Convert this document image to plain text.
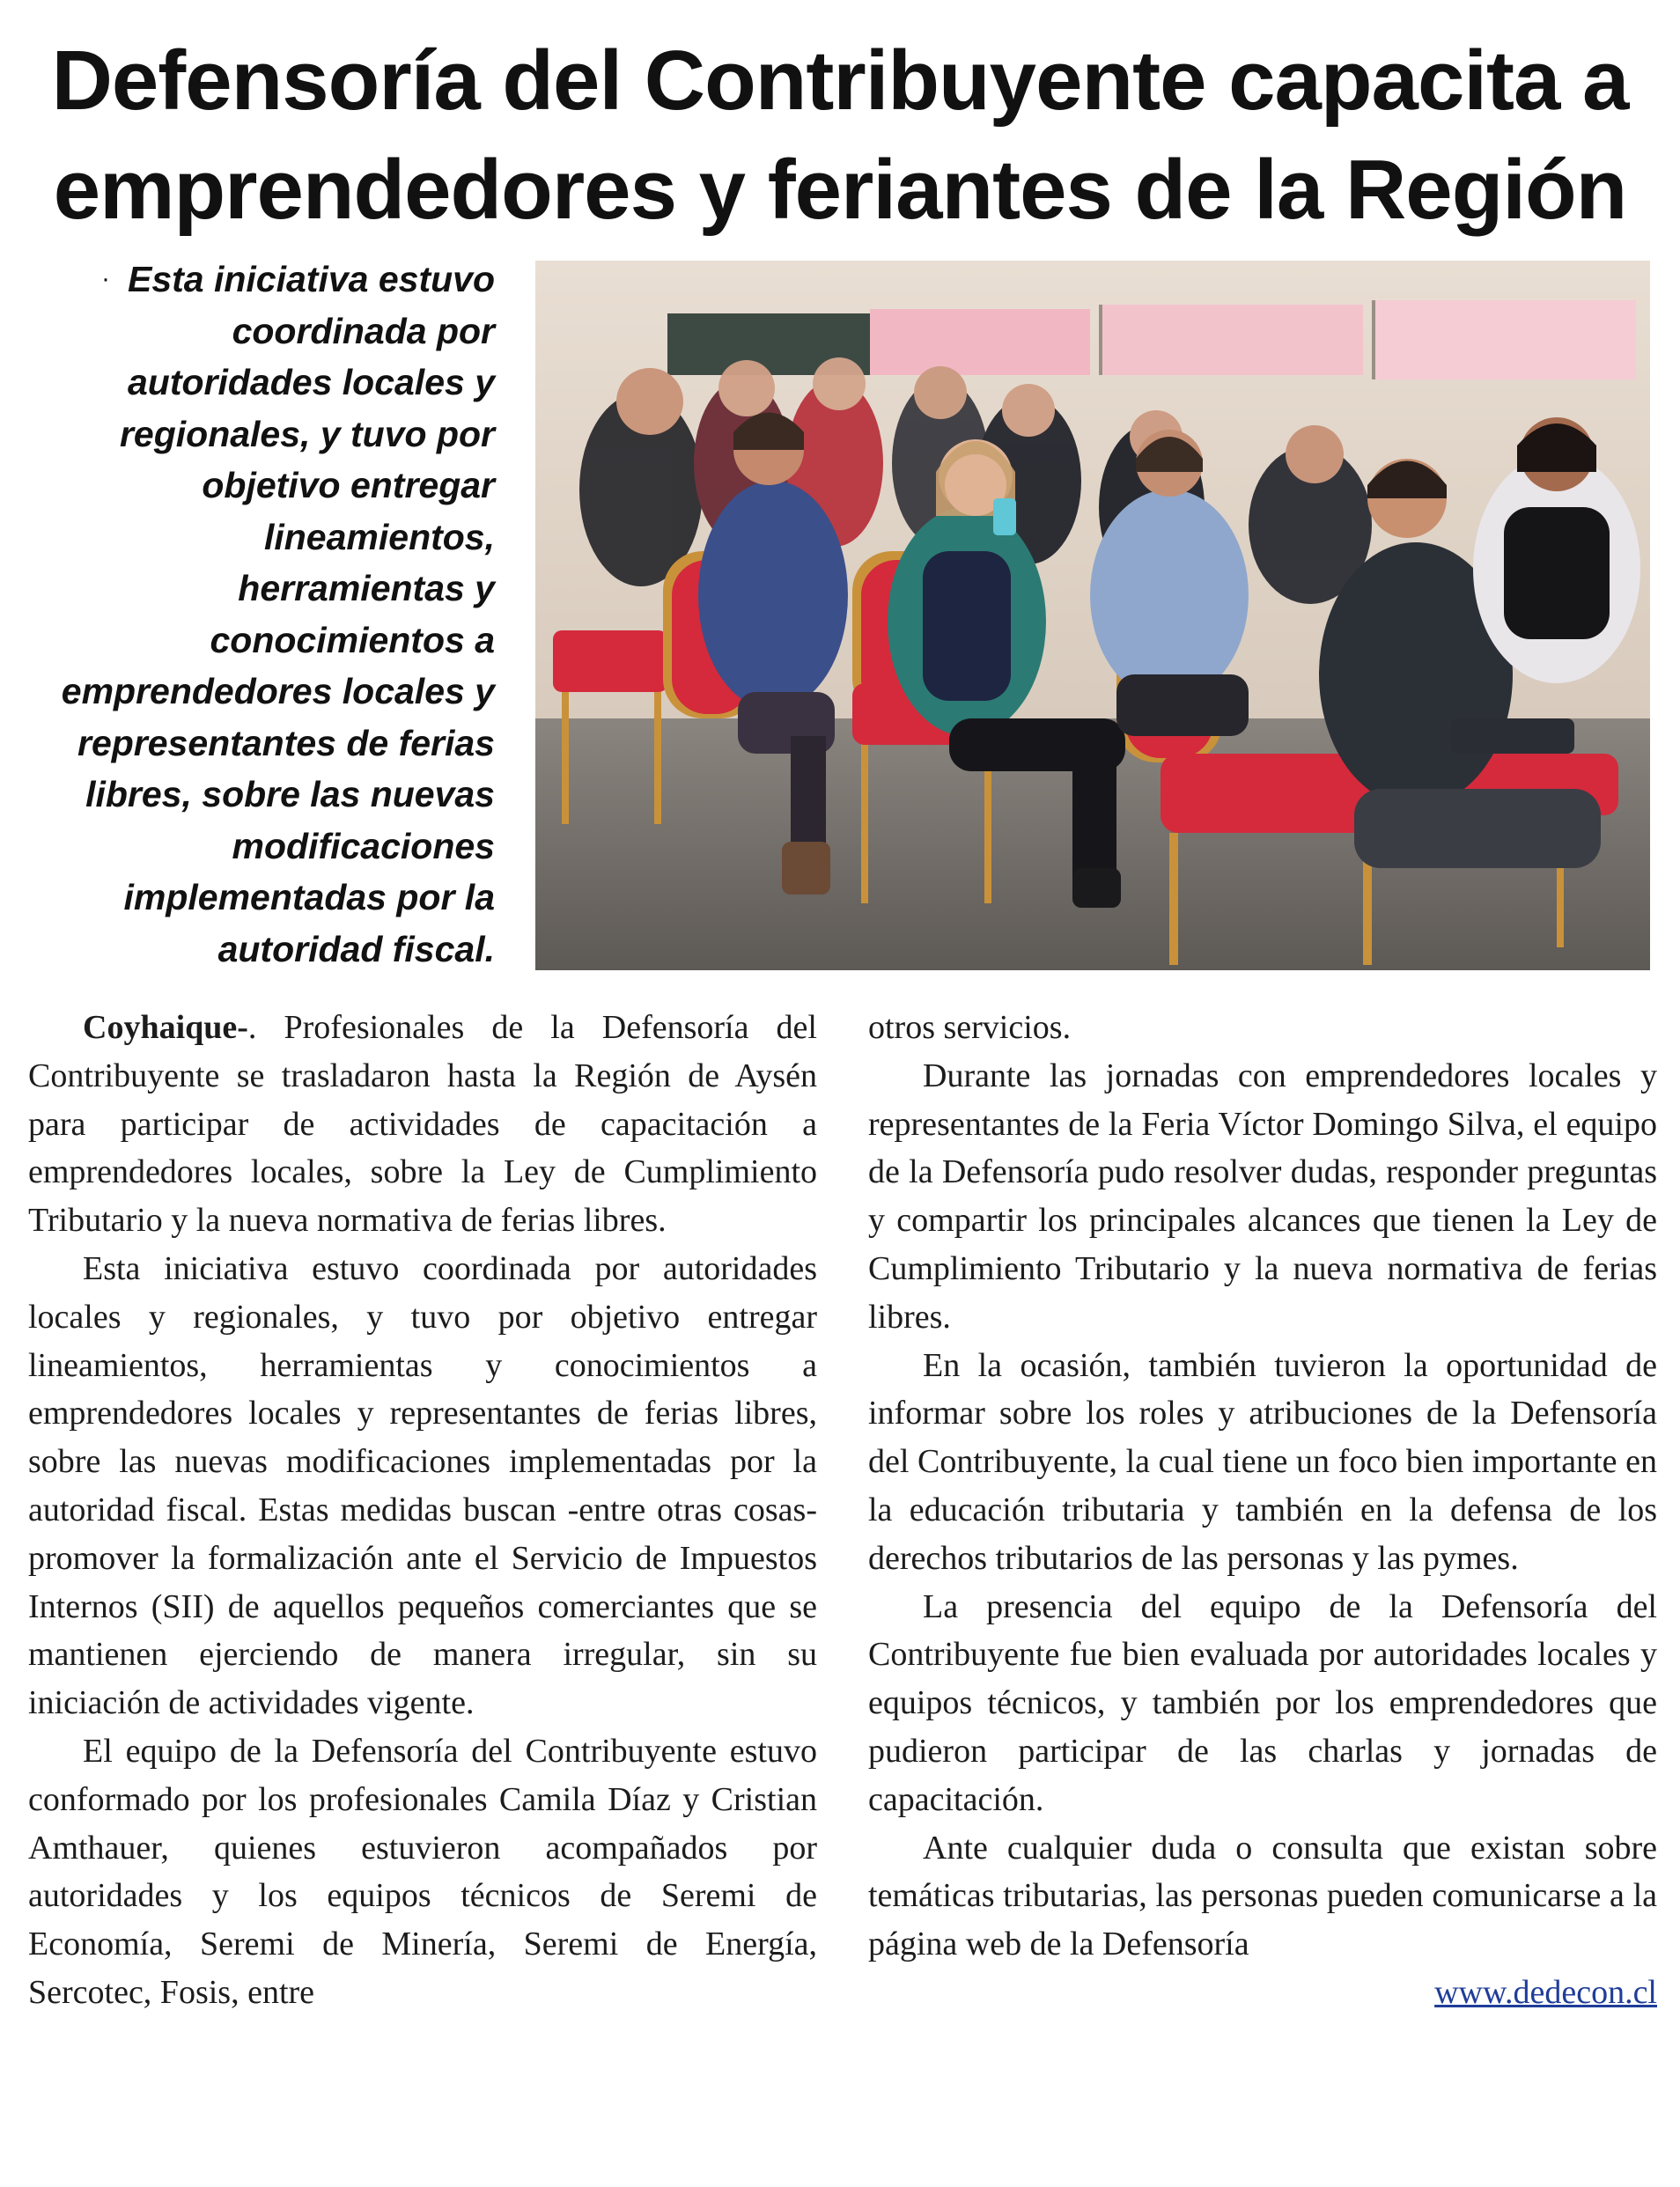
Defensoría del Contribuyente capacita a
emprendedores y feriantes de la Región
· Esta iniciativa estuvo coordinada por autoridades locales y regionales, y tuvo por objetivo entregar lineamientos, herramientas y conocimientos a emprendedores locales y representantes de ferias libres, sobre las nuevas modificaciones implementadas por la autoridad fiscal.

Coyhaique-. Profesionales de la Defensoría del Contribuyente se trasladaron hasta la Región de Aysén para participar de actividades de capacitación a emprendedores locales, sobre la Ley de Cumplimiento Tributario y la nueva normativa de ferias libres.

Esta iniciativa estuvo coordinada por autoridades locales y regionales, y tuvo por objetivo entregar lineamientos, herramientas y conocimientos a emprendedores locales y representantes de ferias libres, sobre las nuevas modificaciones implementadas por la autoridad fiscal. Estas medidas buscan -entre otras cosas- promover la formalización ante el Servicio de Impuestos Internos (SII) de aquellos pequeños comerciantes que se mantienen ejerciendo de manera irregular, sin su iniciación de actividades vigente.

El equipo de la Defensoría del Contribuyente estuvo conformado por los profesionales Camila Díaz y Cristian Amthauer, quienes estuvieron acompañados por autoridades y los equipos técnicos de Seremi de Economía, Seremi de Minería, Seremi de Energía, Sercotec, Fosis, entre

otros servicios.

Durante las jornadas con emprendedores locales y representantes de la Feria Víctor Domingo Silva, el equipo de la Defensoría pudo resolver dudas, responder preguntas y compartir los principales alcances que tienen la Ley de Cumplimiento Tributario y la nueva normativa de ferias libres.

En la ocasión, también tuvieron la oportunidad de informar sobre los roles y atribuciones de la Defensoría del Contribuyente, la cual tiene un foco bien importante en la educación tributaria y también en la defensa de los derechos tributarios de las personas y las pymes.

La presencia del equipo de la Defensoría del Contribuyente fue bien evaluada por autoridades locales y equipos técnicos, y también por los emprendedores que pudieron participar de las charlas y jornadas de capacitación.

Ante cualquier duda o consulta que existan sobre temáticas tributarias, las personas pueden comunicarse a la página web de la Defensoría

www.dedecon.cl
